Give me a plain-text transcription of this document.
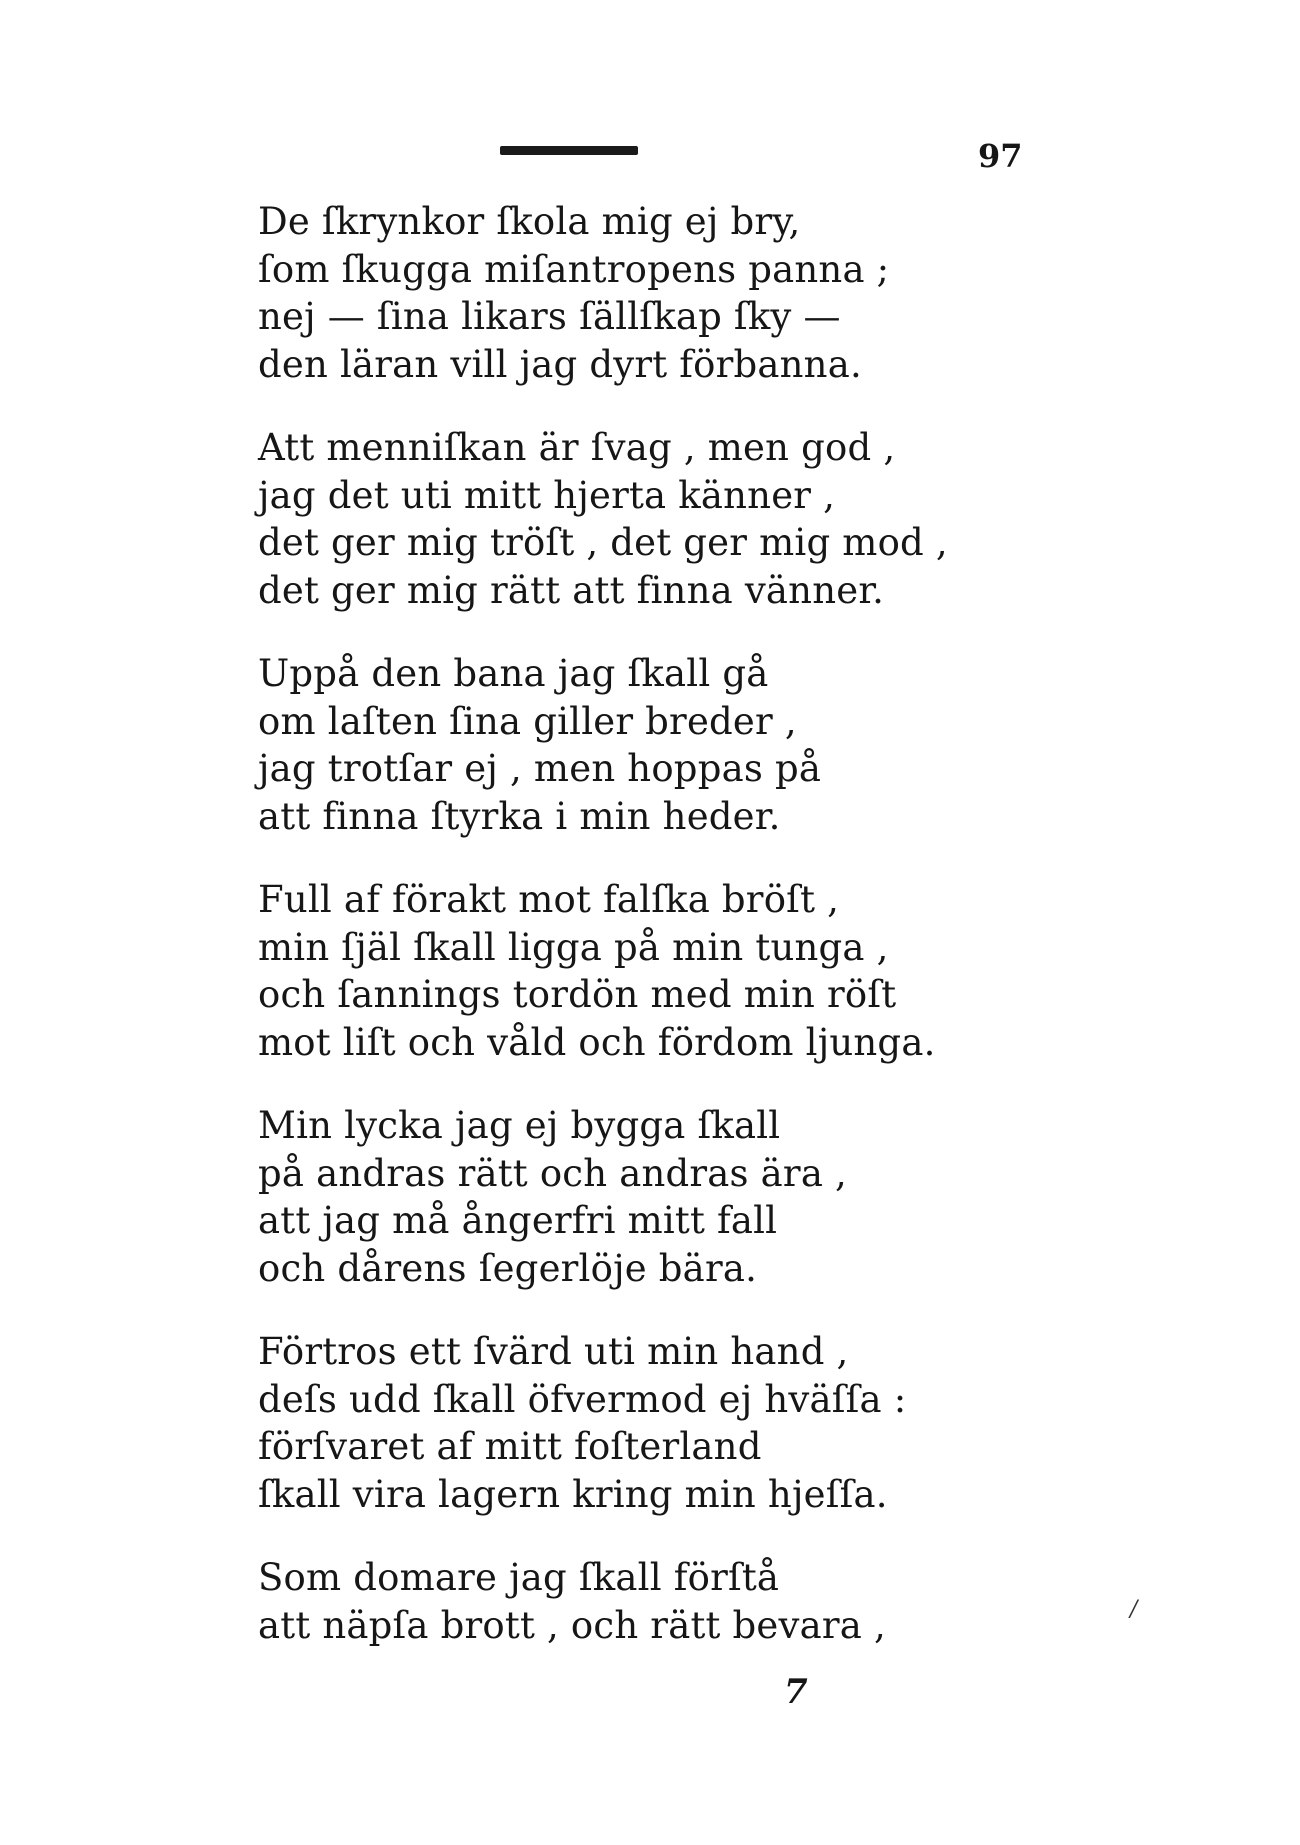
97
De ſkrynkor ſkola mig ej bry,
ſom ſkugga miſantropens panna ;
nej — ſina likars ſällſkap ſky —
den läran vill jag dyrt förbanna.
Att menniſkan är ſvag , men god ,
jag det uti mitt hjerta känner ,
det ger mig tröſt , det ger mig mod ,
det ger mig rätt att finna vänner.
Uppå den bana jag ſkall gå
om laſten ſina giller breder ,
jag trotſar ej , men hoppas på
att finna ſtyrka i min heder.
Full af förakt mot falſka bröſt ,
min ſjäl ſkall ligga på min tunga ,
och ſannings tordön med min röſt
mot liſt och våld och fördom ljunga.
Min lycka jag ej bygga ſkall
på andras rätt och andras ära ,
att jag må ångerfri mitt fall
och dårens ſegerlöje bära.
Förtros ett ſvärd uti min hand ,
deſs udd ſkall öfvermod ej hväſſa :
förſvaret af mitt foſterland
ſkall vira lagern kring min hjeſſa.
Som domare jag ſkall förſtå
att näpſa brott , och rätt bevara ,	/
7
